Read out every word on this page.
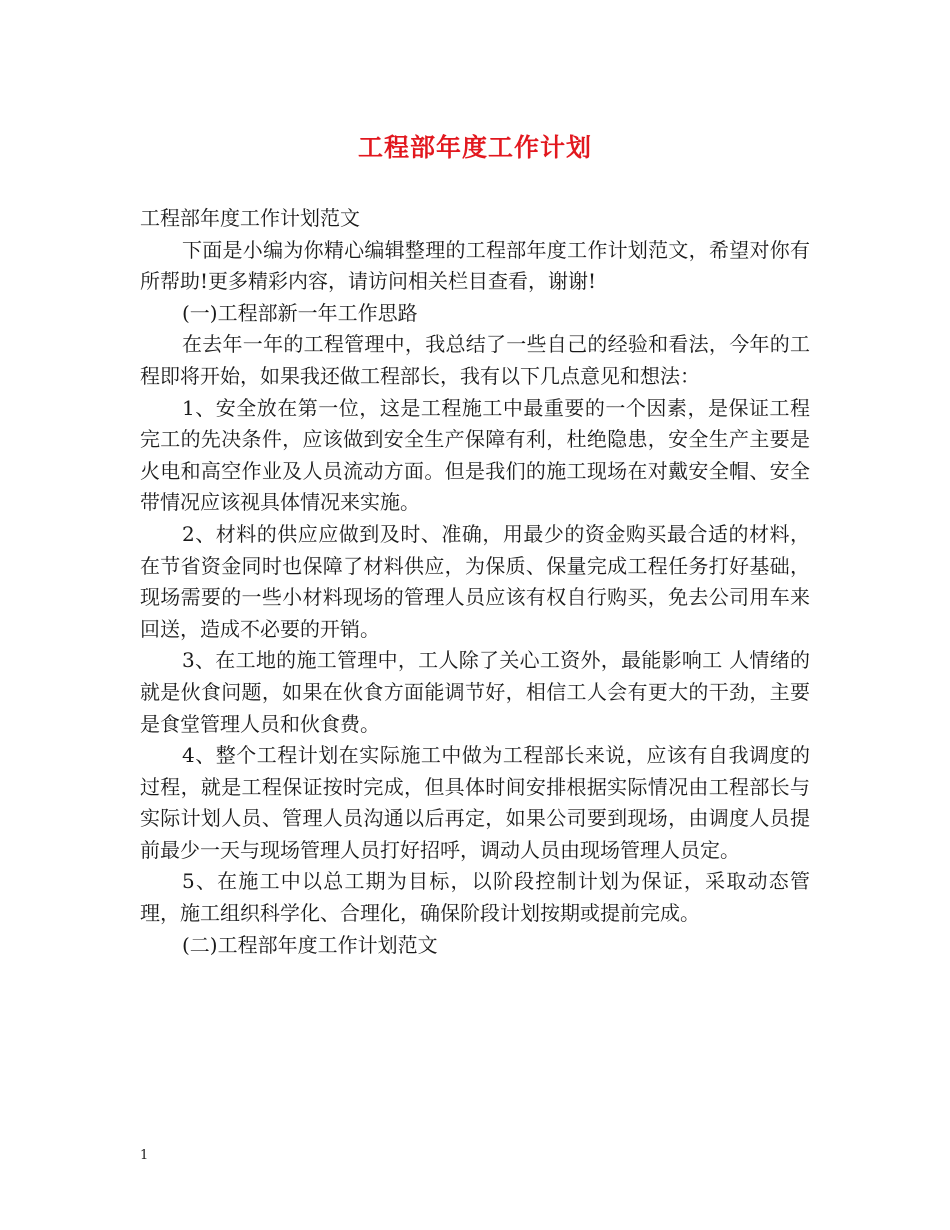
工程部年度工作计划

工程部年度工作计划范文

下面是小编为你精心编辑整理的工程部年度工作计划范文，希望对你有所帮助!更多精彩内容，请访问相关栏目查看，谢谢!

(一)工程部新一年工作思路

在去年一年的工程管理中，我总结了一些自己的经验和看法，今年的工程即将开始，如果我还做工程部长，我有以下几点意见和想法：

1、安全放在第一位，这是工程施工中最重要的一个因素，是保证工程完工的先决条件，应该做到安全生产保障有利，杜绝隐患，安全生产主要是火电和高空作业及人员流动方面。但是我们的施工现场在对戴安全帽、安全带情况应该视具体情况来实施。

2、材料的供应应做到及时、准确，用最少的资金购买最合适的材料，在节省资金同时也保障了材料供应，为保质、保量完成工程任务打好基础，现场需要的一些小材料现场的管理人员应该有权自行购买，免去公司用车来回送，造成不必要的开销。

3、在工地的施工管理中，工人除了关心工资外，最能影响工 人情绪的就是伙食问题，如果在伙食方面能调节好，相信工人会有更大的干劲，主要是食堂管理人员和伙食费。

4、整个工程计划在实际施工中做为工程部长来说，应该有自我调度的过程，就是工程保证按时完成，但具体时间安排根据实际情况由工程部长与实际计划人员、管理人员沟通以后再定，如果公司要到现场，由调度人员提前最少一天与现场管理人员打好招呼，调动人员由现场管理人员定。

5、在施工中以总工期为目标，以阶段控制计划为保证，采取动态管理，施工组织科学化、合理化，确保阶段计划按期或提前完成。

(二)工程部年度工作计划范文

1
